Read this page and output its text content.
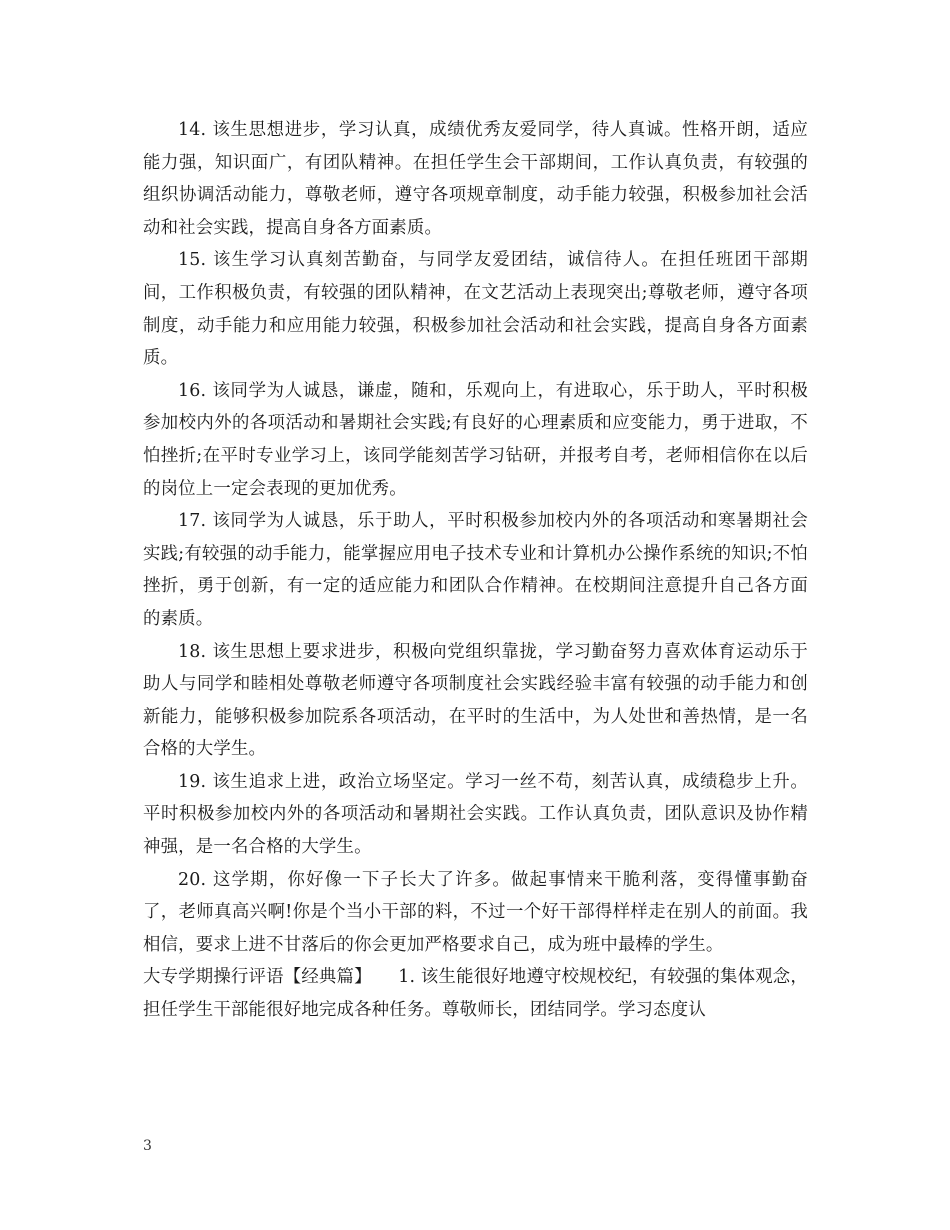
14. 该生思想进步，学习认真，成绩优秀友爱同学，待人真诚。性格开朗，适应能力强，知识面广，有团队精神。在担任学生会干部期间，工作认真负责，有较强的组织协调活动能力，尊敬老师，遵守各项规章制度，动手能力较强，积极参加社会活动和社会实践，提高自身各方面素质。

15. 该生学习认真刻苦勤奋，与同学友爱团结，诚信待人。在担任班团干部期间，工作积极负责，有较强的团队精神，在文艺活动上表现突出;尊敬老师，遵守各项制度，动手能力和应用能力较强，积极参加社会活动和社会实践，提高自身各方面素质。

16. 该同学为人诚恳，谦虚，随和，乐观向上，有进取心，乐于助人，平时积极参加校内外的各项活动和暑期社会实践;有良好的心理素质和应变能力，勇于进取，不怕挫折;在平时专业学习上，该同学能刻苦学习钻研，并报考自考，老师相信你在以后的岗位上一定会表现的更加优秀。

17. 该同学为人诚恳，乐于助人，平时积极参加校内外的各项活动和寒暑期社会实践;有较强的动手能力，能掌握应用电子技术专业和计算机办公操作系统的知识;不怕挫折，勇于创新，有一定的适应能力和团队合作精神。在校期间注意提升自己各方面的素质。

18. 该生思想上要求进步，积极向党组织靠拢，学习勤奋努力喜欢体育运动乐于助人与同学和睦相处尊敬老师遵守各项制度社会实践经验丰富有较强的动手能力和创新能力，能够积极参加院系各项活动，在平时的生活中，为人处世和善热情，是一名合格的大学生。

19. 该生追求上进，政治立场坚定。学习一丝不苟，刻苦认真，成绩稳步上升。平时积极参加校内外的各项活动和暑期社会实践。工作认真负责，团队意识及协作精神强，是一名合格的大学生。

20. 这学期，你好像一下子长大了许多。做起事情来干脆利落，变得懂事勤奋了，老师真高兴啊!你是个当小干部的料，不过一个好干部得样样走在别人的前面。我相信，要求上进不甘落后的你会更加严格要求自己，成为班中最棒的学生。

大专学期操行评语【经典篇】　　1. 该生能很好地遵守校规校纪，有较强的集体观念，担任学生干部能很好地完成各种任务。尊敬师长，团结同学。学习态度认

3
